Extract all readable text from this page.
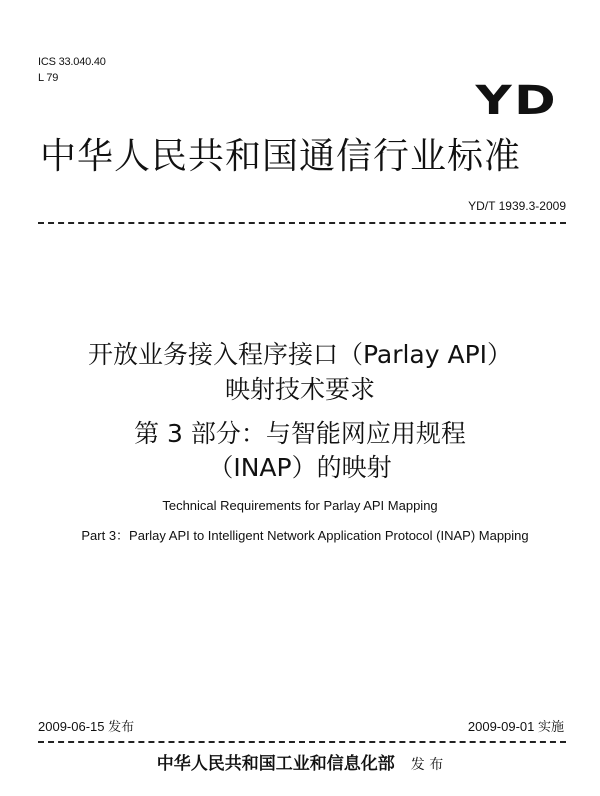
ICS 33.040.40
L 79	YD
中华人民共和国通信行业标准
YD/T 1939.3-2009
开放业务接入程序接口（Parlay API）
映射技术要求
第 3 部分：与智能网应用规程
（INAP）的映射
Technical Requirements for Parlay API Mapping
Part 3：Parlay API to Intelligent Network Application Protocol (INAP) Mapping
2009-06-15 发布	2009-09-01 实施
中华人民共和国工业和信息化部 发 布
